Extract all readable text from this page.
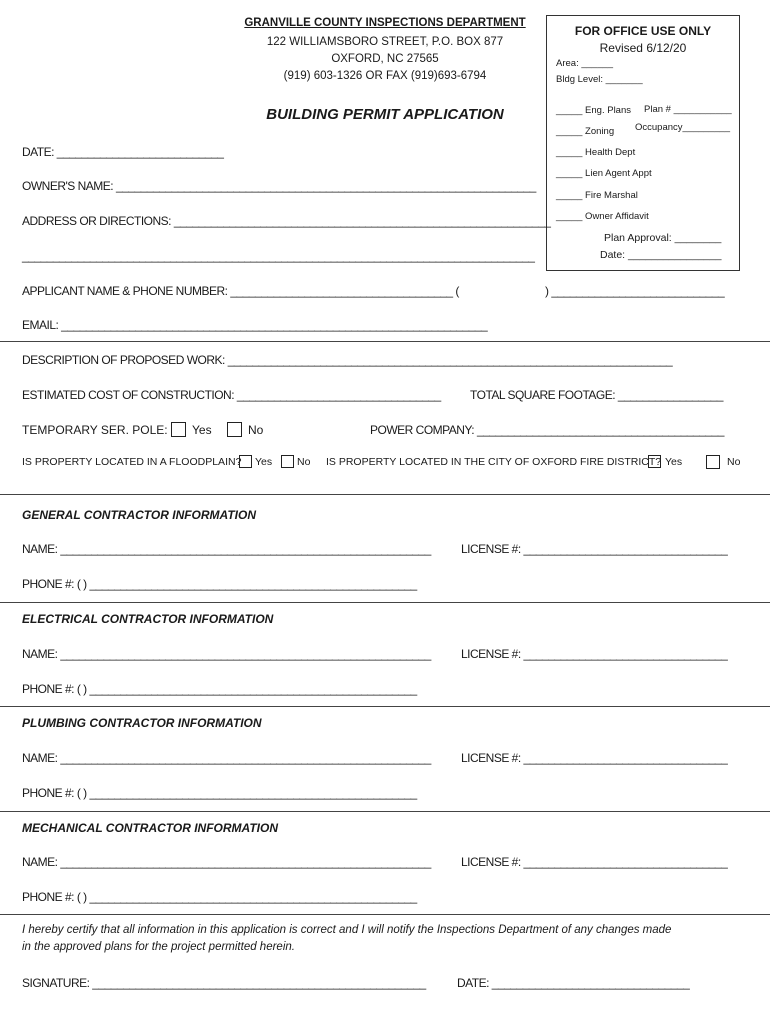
GRANVILLE COUNTY INSPECTIONS DEPARTMENT
122 WILLIAMSBORO STREET, P.O. BOX 877
OXFORD, NC 27565
(919) 603-1326 OR FAX (919)693-6794
BUILDING PERMIT APPLICATION
FOR OFFICE USE ONLY
Revised 6/12/20
Area: ______
Bldg Level: _______
_____ Eng. Plans Plan # ___________
_____ Zoning Occupancy_________
_____ Health Dept
_____ Lien Agent Appt
_____ Fire Marshal
_____ Owner Affidavit
Plan Approval: ________
Date: ________________
DATE: ___________________________
OWNER'S NAME: ____________________________________________________________________
ADDRESS OR DIRECTIONS: _____________________________________________________________
___________________________________________________________________________________
APPLICANT NAME & PHONE NUMBER: ____________________________________ (	) ____________________________
EMAIL: _____________________________________________________________________
DESCRIPTION OF PROPOSED WORK: ________________________________________________________________________
ESTIMATED COST OF CONSTRUCTION: _________________________________ TOTAL SQUARE FOOTAGE: _________________
TEMPORARY SER. POLE: Yes	No	POWER COMPANY: ________________________________________
IS PROPERTY LOCATED IN A FLOODPLAIN? Yes No IS PROPERTY LOCATED IN THE CITY OF OXFORD FIRE DISTRICT? Yes	No
GENERAL CONTRACTOR INFORMATION
NAME: ____________________________________________________________	LICENSE #: _________________________________
PHONE #: ( ) _____________________________________________________
ELECTRICAL CONTRACTOR INFORMATION
NAME: ____________________________________________________________	LICENSE #: _________________________________
PHONE #: ( ) _____________________________________________________
PLUMBING CONTRACTOR INFORMATION
NAME: ____________________________________________________________	LICENSE #: _________________________________
PHONE #: ( ) _____________________________________________________
MECHANICAL CONTRACTOR INFORMATION
NAME: ____________________________________________________________	LICENSE #: _________________________________
PHONE #: ( ) _____________________________________________________
I hereby certify that all information in this application is correct and I will notify the Inspections Department of any changes made
in the approved plans for the project permitted herein.
SIGNATURE: ______________________________________________________	DATE: ________________________________
